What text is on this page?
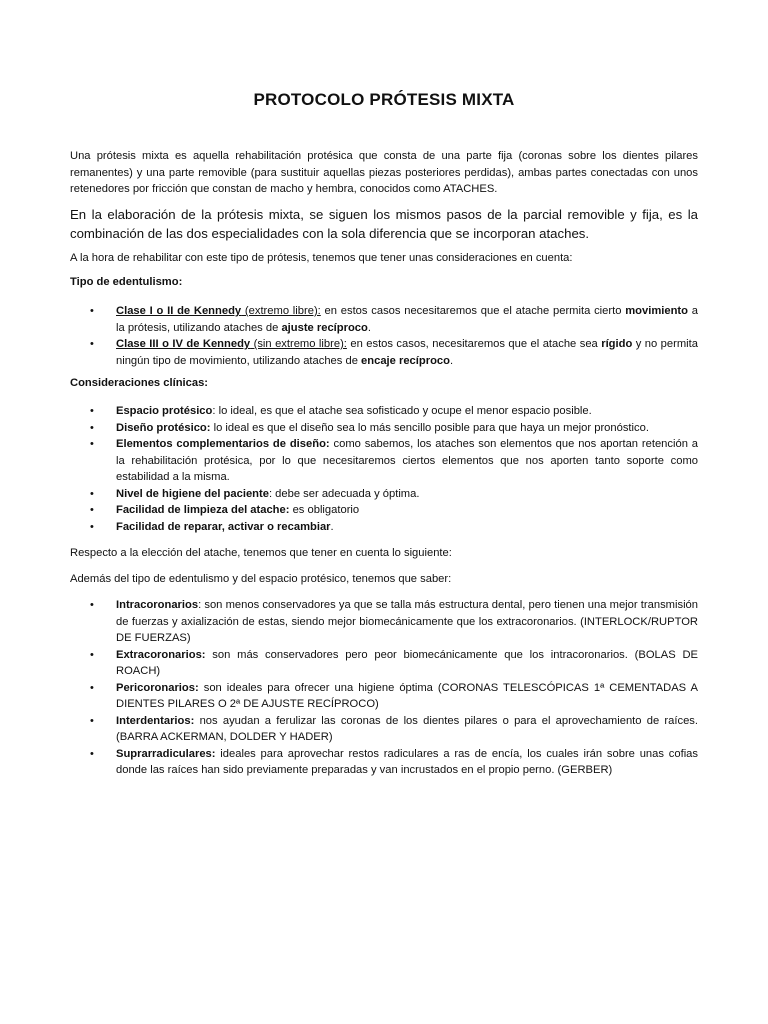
PROTOCOLO PRÓTESIS MIXTA

Una prótesis mixta es aquella rehabilitación protésica que consta de una parte fija (coronas sobre los dientes pilares remanentes) y una parte removible (para sustituir aquellas piezas posteriores perdidas), ambas partes conectadas con unos retenedores por fricción que constan de macho y hembra, conocidos como ATACHES.

En la elaboración de la prótesis mixta, se siguen los mismos pasos de la parcial removible y fija, es la combinación de las dos especialidades con la sola diferencia que se incorporan ataches.

A la hora de rehabilitar con este tipo de prótesis, tenemos que tener unas consideraciones en cuenta:

Tipo de edentulismo:

• Clase I o II de Kennedy (extremo libre): en estos casos necesitaremos que el atache permita cierto movimiento a la prótesis, utilizando ataches de ajuste recíproco.
• Clase III o IV de Kennedy (sin extremo libre): en estos casos, necesitaremos que el atache sea rígido y no permita ningún tipo de movimiento, utilizando ataches de encaje recíproco.

Consideraciones clínicas:

• Espacio protésico: lo ideal, es que el atache sea sofisticado y ocupe el menor espacio posible.
• Diseño protésico: lo ideal es que el diseño sea lo más sencillo posible para que haya un mejor pronóstico.
• Elementos complementarios de diseño: como sabemos, los ataches son elementos que nos aportan retención a la rehabilitación protésica, por lo que necesitaremos ciertos elementos que nos aporten tanto soporte como estabilidad a la misma.
• Nivel de higiene del paciente: debe ser adecuada y óptima.
• Facilidad de limpieza del atache: es obligatorio
• Facilidad de reparar, activar o recambiar.

Respecto a la elección del atache, tenemos que tener en cuenta lo siguiente:

Además del tipo de edentulismo y del espacio protésico, tenemos que saber:

• Intracoronarios: son menos conservadores ya que se talla más estructura dental, pero tienen una mejor transmisión de fuerzas y axialización de estas, siendo mejor biomecánicamente que los extracoronarios. (INTERLOCK/RUPTOR DE FUERZAS)
• Extracoronarios: son más conservadores pero peor biomecánicamente que los intracoronarios. (BOLAS DE ROACH)
• Pericoronarios: son ideales para ofrecer una higiene óptima (CORONAS TELESCÓPICAS 1ª CEMENTADAS A DIENTES PILARES O 2ª DE AJUSTE RECÍPROCO)
• Interdentarios: nos ayudan a ferulizar las coronas de los dientes pilares o para el aprovechamiento de raíces. (BARRA ACKERMAN, DOLDER Y HADER)
• Suprarradiculares: ideales para aprovechar restos radiculares a ras de encía, los cuales irán sobre unas cofias donde las raíces han sido previamente preparadas y van incrustados en el propio perno. (GERBER)
